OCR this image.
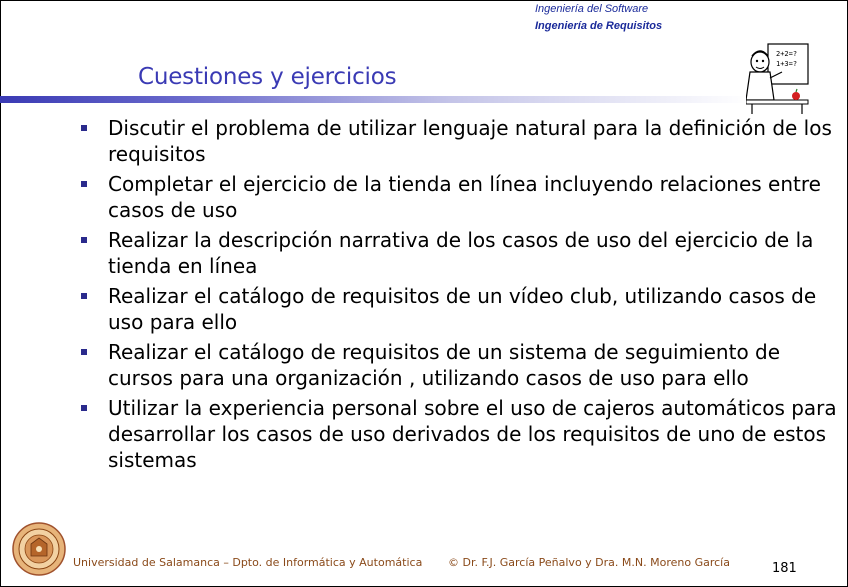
Ingeniería del Software
Ingeniería de Requisitos
Cuestiones y ejercicios
2+2=?
1+3=?
Discutir el problema de utilizar lenguaje natural para la definición de los requisitos
Completar el ejercicio de la tienda en línea incluyendo relaciones entre casos de uso
Realizar la descripción narrativa de los casos de uso del ejercicio de la tienda en línea
Realizar el catálogo de requisitos de un vídeo club, utilizando casos de uso para ello
Realizar el catálogo de requisitos de un sistema de seguimiento de cursos para una organización , utilizando casos de uso para ello
Utilizar la experiencia personal sobre el uso de cajeros automáticos para desarrollar los casos de uso derivados de los requisitos de uno de estos sistemas
Universidad de Salamanca – Dpto. de Informática y Automática © Dr. F.J. García Peñalvo y Dra. M.N. Moreno García	181
